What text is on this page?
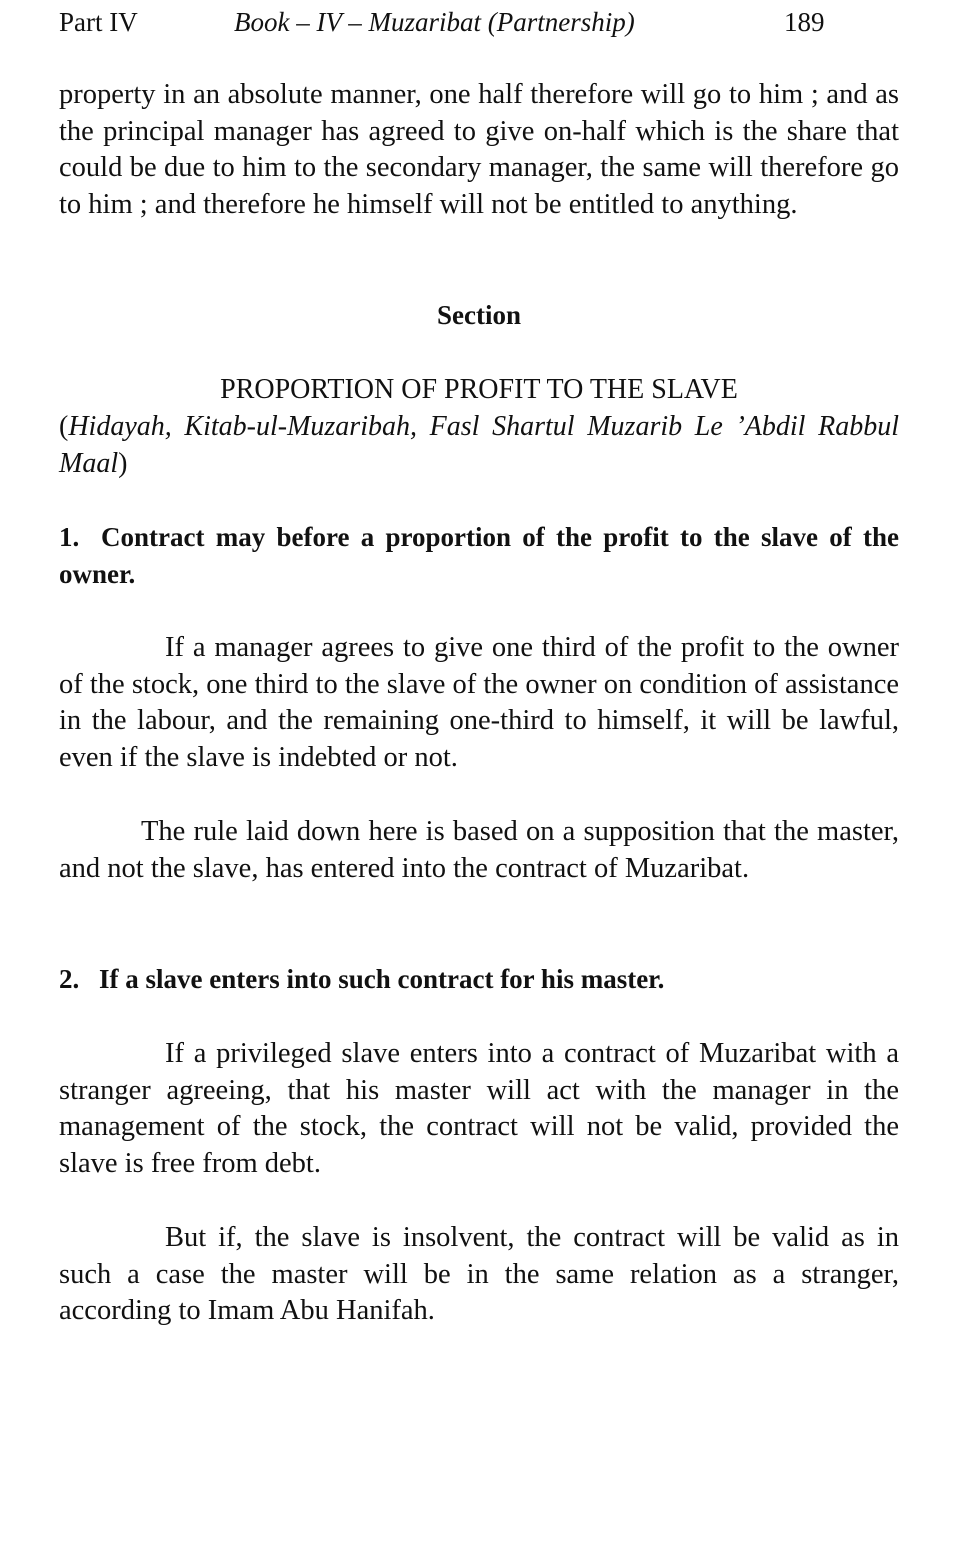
Part IV	Book – IV – Muzaribat (Partnership)	189

property in an absolute manner, one half therefore will go to him ; and as the principal manager has agreed to give on-half which is the share that could be due to him to the secondary manager, the same will therefore go to him ; and therefore he himself will not be entitled to anything.

Section

PROPORTION OF PROFIT TO THE SLAVE

(Hidayah, Kitab-ul-Muzaribah, Fasl Shartul Muzarib Le ’Abdil Rabbul Maal)

1. Contract may before a proportion of the profit to the slave of the owner.

If a manager agrees to give one third of the profit to the owner of the stock, one third to the slave of the owner on condition of assistance in the labour, and the remaining one-third to himself, it will be lawful, even if the slave is indebted or not.

The rule laid down here is based on a supposition that the master, and not the slave, has entered into the contract of Muzaribat.

2. If a slave enters into such contract for his master.

If a privileged slave enters into a contract of Muzaribat with a stranger agreeing, that his master will act with the manager in the management of the stock, the contract will not be valid, provided the slave is free from debt.

But if, the slave is insolvent, the contract will be valid as in such a case the master will be in the same relation as a stranger, according to Imam Abu Hanifah.
